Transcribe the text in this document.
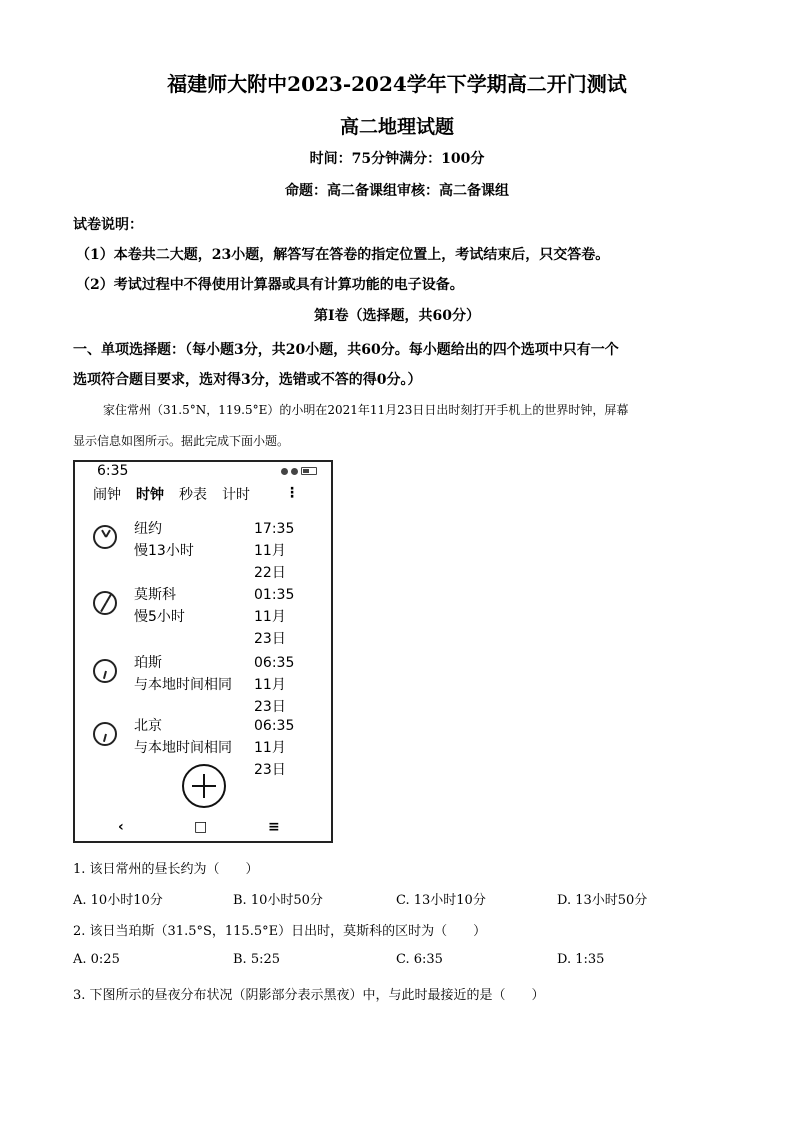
福建师大附中2023-2024学年下学期高二开门测试
高二地理试题
时间：75分钟满分：100分
命题：高二备课组审核：高二备课组
试卷说明：
（1）本卷共二大题，23小题，解答写在答卷的指定位置上，考试结束后，只交答卷。
（2）考试过程中不得使用计算器或具有计算功能的电子设备。
第Ⅰ卷（选择题，共60分）
一、单项选择题：（每小题3分，共20小题，共60分。每小题给出的四个选项中只有一个
选项符合题目要求，选对得3分，选错或不答的得0分。）
家住常州（31.5°N，119.5°E）的小明在2021年11月23日日出时刻打开手机上的世界时钟，屏幕
显示信息如图所示。据此完成下面小题。
6:35
闹钟 时钟 秒表 计时	⋮
纽约
慢13小时
17:35
11月22日
莫斯科
慢5小时
01:35
11月23日
珀斯
与本地时间相同
06:35
11月23日
北京
与本地时间相同
06:35
11月23日
‹	□	≡
1. 该日常州的昼长约为（　　）
A. 10小时10分	B. 10小时50分	C. 13小时10分	D. 13小时50分
2. 该日当珀斯（31.5°S，115.5°E）日出时，莫斯科的区时为（　　）
A. 0:25	B. 5:25	C. 6:35	D. 1:35
3. 下图所示的昼夜分布状况（阴影部分表示黑夜）中，与此时最接近的是（　　）
